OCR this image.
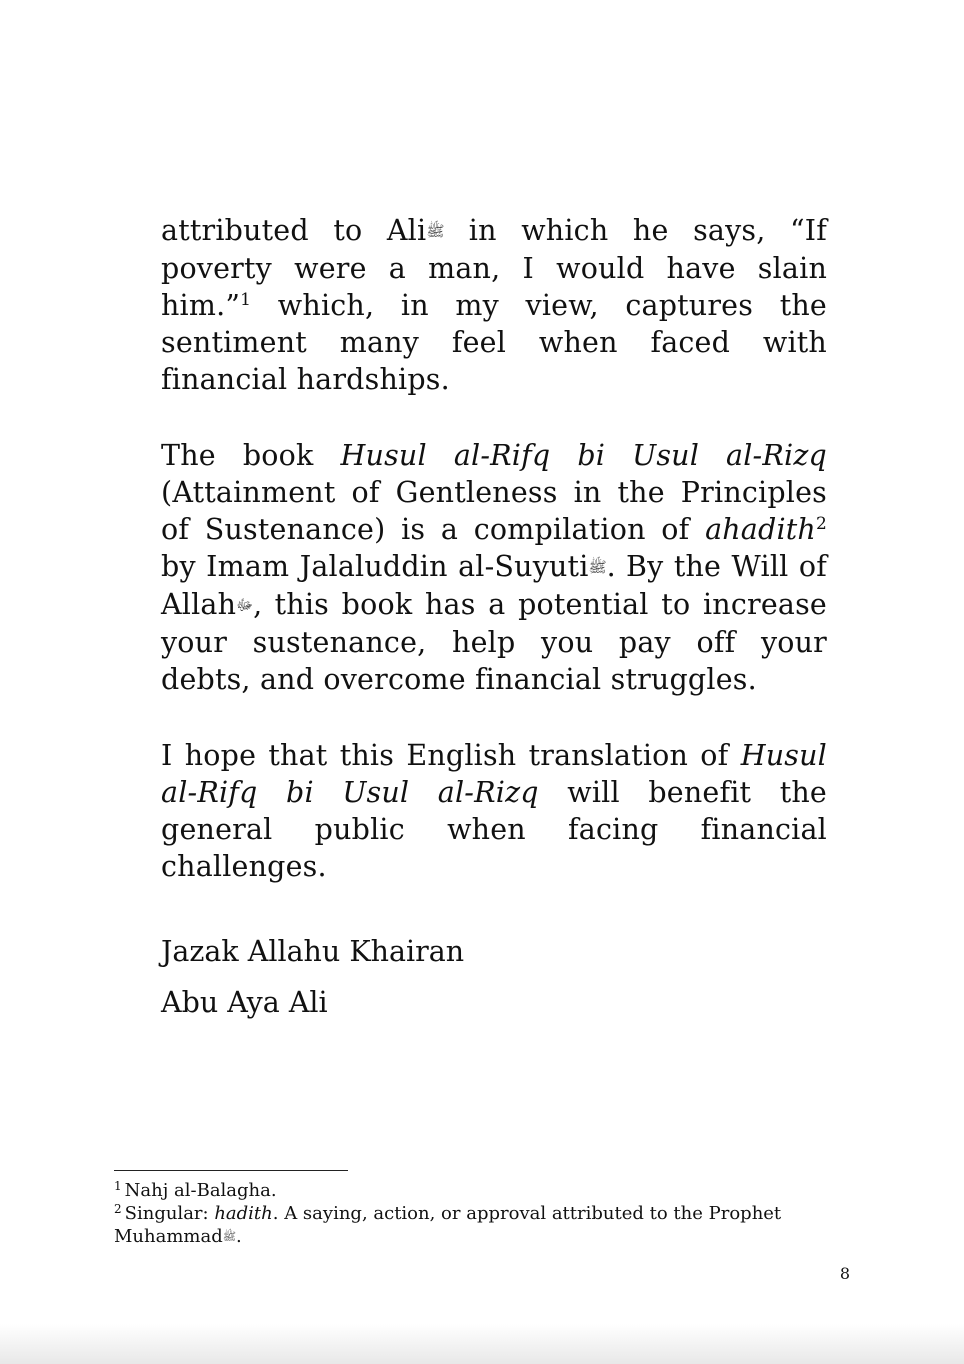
attributed to Aliﷺ in which he says, “If poverty were a man, I would have slain him.”$^1$ which, in my view, captures the sentiment many feel when faced with financial hardships.

The book Husul al-Rifq bi Usul al-Rizq (Attainment of Gentleness in the Principles of Sustenance) is a compilation of ahadith$^2$ by Imam Jalaluddin al-Suyutiﷺ. By the Will of Allahﷻ, this book has a potential to increase your sustenance, help you pay off your debts, and overcome financial struggles.

I hope that this English translation of Husul al-Rifq bi Usul al-Rizq will benefit the general public when facing financial challenges.

Jazak Allahu Khairan
Abu Aya Ali

$^1$ Nahj al-Balagha.

$^2$ Singular: hadith. A saying, action, or approval attributed to the Prophet Muhammadﷺ.

8
